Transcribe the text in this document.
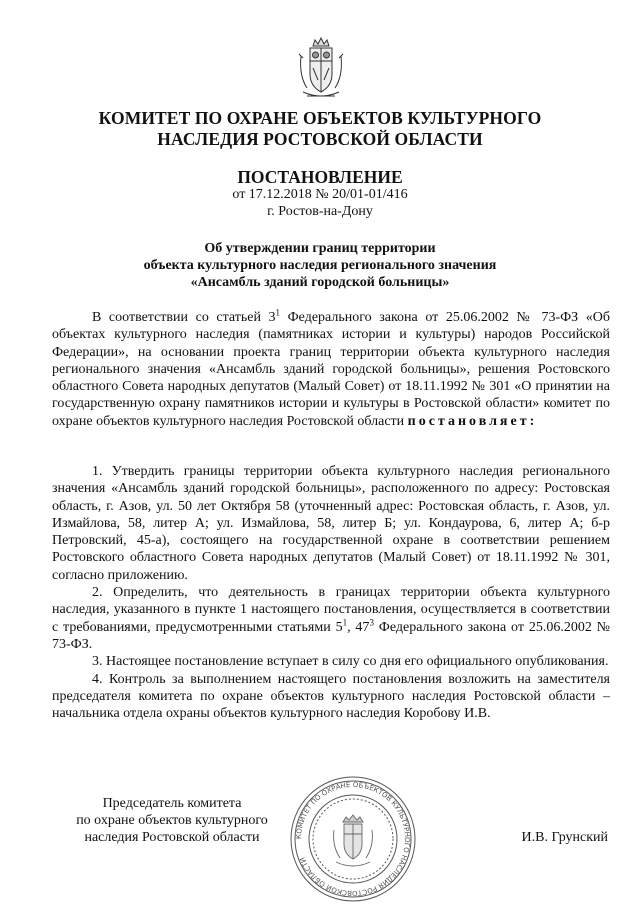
КОМИТЕТ ПО ОХРАНЕ ОБЪЕКТОВ КУЛЬТУРНОГО
НАСЛЕДИЯ РОСТОВСКОЙ ОБЛАСТИ
ПОСТАНОВЛЕНИЕ
от 17.12.2018 № 20/01-01/416
г. Ростов-на-Дону
Об утверждении границ территории
объекта культурного наследия регионального значения
«Ансамбль зданий городской больницы»
В соответствии со статьей $3^1$ Федерального закона от 25.06.2002 № 73-ФЗ «Об объектах культурного наследия (памятниках истории и культуры) народов Российской Федерации», на основании проекта границ территории объекта культурного наследия регионального значения «Ансамбль зданий городской больницы», решения Ростовского областного Совета народных депутатов (Малый Совет) от 18.11.1992 № 301 «О принятии на государственную охрану памятников истории и культуры в Ростовской области» комитет по охране объектов культурного наследия Ростовской области постановляет:

1. Утвердить границы территории объекта культурного наследия регионального значения «Ансамбль зданий городской больницы», расположенного по адресу: Ростовская область, г. Азов, ул. 50 лет Октября 58 (уточненный адрес: Ростовская область, г. Азов, ул. Измайлова, 58, литер А; ул. Измайлова, 58, литер Б; ул. Кондаурова, 6, литер А; б-р Петровский, 45-а), состоящего на государственной охране в соответствии решением Ростовского областного Совета народных депутатов (Малый Совет) от 18.11.1992 № 301, согласно приложению.

2. Определить, что деятельность в границах территории объекта культурного наследия, указанного в пункте 1 настоящего постановления, осуществляется в соответствии с требованиями, предусмотренными статьями $5^1$, $47^3$ Федерального закона от 25.06.2002 № 73-ФЗ.

3. Настоящее постановление вступает в силу со дня его официального опубликования.

4. Контроль за выполнением настоящего постановления возложить на заместителя председателя комитета по охране объектов культурного наследия Ростовской области – начальника отдела охраны объектов культурного наследия Коробову И.В.

Председатель комитета
по охране объектов культурного
наследия Ростовской области	КОМИТЕТ ПО ОХРАНЕ ОБЪЕКТОВ КУЛЬТУРНОГО НАСЛЕДИЯ РОСТОВСКОЙ ОБЛАСТИ
И.В. Грунский
